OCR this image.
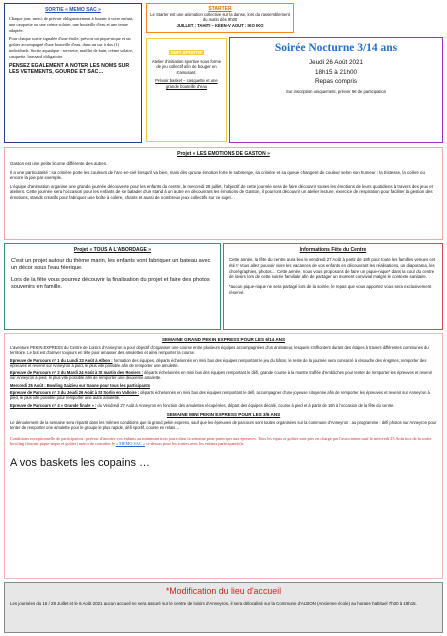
SORTIE « MEMO SAC »

Chaque jour, merci de prévoir obligatoirement à fournir à votre enfant, une casquette ou une crème solaire, une bouteille d'eau et une tenue adaptée.

Pour chaque sortie signalée d'une étoile, prévoir un pique-nique et un goûter accompagné d'une bouteille d'eau, dans un sac à dos (1) individuels. Sortie aquatique : serviette, maillot de bain, crème solaire, casquette, brassard obligatoire.

PENSEZ EGALEMENT A NOTER LES NOMS SUR LES VETEMENTS, GOURDE ET SAC…

STARTER
Le Starter est une animation collective sur la danse, lors du rassemblement du matin dès 9h00
JUILLET : TAHITI – KEEN-V AOUT : IKO IKO
DEFI SPORTIF
Atelier d'initiation sportive sous forme de jeu collectif afin de bouger en s'amusant.
Prévoir basket – casquette et une grande bouteille d'eau
Soirée Nocturne 3/14 ans
Jeudi 26 Août 2021
18h15 à 21h00
Repas compris
Sur inscription uniquement, prévoir 5€ de participation
Projet « LES EMOTIONS DE GASTON »

Gaston est une petite licorne différente des autres.

Il a une particularité : sa crinière porte les couleurs de l'arc-en-ciel lorsqu'il va bien, mais dès qu'une émotion forte le submerge, sa crinière et sa queue changent de couleur selon son humeur : la tristesse, la colère ou encore la joie par exemple.

L'équipe d'animation organise une grande journée découverte pour les enfants du centre, le mercredi 28 juillet, l'objectif de cette journée sera de faire découvrir toutes les émotions de leurs quotidiens à travers des jeux et ateliers. Cette journée sera l'occasion pour les enfants de se balader d'un stand à un autre en découvrant les émotions de Gaston, il pourront découvrir un atelier lecture, exercice de respiration pour faciliter la gestion des émotions, stands créatifs pour fabriquer une boîte à colère, chants et aussi de nombreux jeux collectifs sur ce sujet…

Projet « TOUS A L'ABORDAGE »

C'est un projet autour du thème marin, les enfants vont fabriquer un bateau avec un décor sous l'eau féerique.

Lors de la fête vous pourrez découvrir la finalisation du projet et faire des photos souvenirs en famille.

Informations Fête du Centre

Cette année, la fête du centre aura lieu le vendredi 27 Août à partir de 18h pour toute les familles venues cet été !! Vous allez pouvoir vivre les vacances de vos enfants en découvrant les réalisations, un diaporama, les chorégraphies, photos… Cette année, nous vous proposons de faire un pique-nique* dans la cour du centre de loisirs lors de cette soirée familiale afin de partager un moment convivial malgré le contexte sanitaire.

*aucun pique-nique ne sera partagé lors de la soirée, le repas que vous apportez vous sera exclusivement réservé.

SEMAINE GRAND PEKIN EXPRESS POUR LES 6/14 ANS

L'aventure PEKIN EXPRESS du Centre de Loisirs d'Anneyron a pour objectif d'organiser une course entre plusieurs équipes accompagnées d'un animateur, lesquels s'affrontent durant des étapes à travers différentes communes du territoire. Le but est d'arriver toujours en tête pour amasser des amulettes et ainsi remporter la course.

Epreuve de Parcours n° 1 du Lundi 23 Août à Albon : formation des équipes, départs échelonnés en mini bus des équipes remportant le jeu du bâton, le reste de la journée sera consacré à résoudre des énigmes, remporter des épreuves et revenir sur Anneyron à pied, le plus vite possible afin de remporter une amulette.

Epreuve de Parcours n° 2 du Mardi 24 Août à St martin des Rosiers : départs échelonnés en mini bus des équipes remportant le défi, grande course à la montre truffée d'embûches pour tenter de remporter les épreuves et revenir sur Anneyron à pied, le plus vite possible afin de remporter une deuxième amulette.

Mercredi 25 Août : Bowling Saizieu sur Saone pour tous les participants

Epreuve de Parcours n° 3 du Jeudi 26 Août à St Sorlin en Valloire : départs échelonnés en mini bus des équipes remportant le défi, accompagner d'une joyeuse citoyenne afin de remporter les épreuves et revenir sur Anneyron à pied, le plus vite possible pour remporter une autre amulette.

Epreuve de Parcours n° 4 « Grande finale » : du Vendredi 27 Août à Anneyron en fonction des amulettes récupérées, départ des équipes décalé, course à pied et à partir de 16h à l'occasion de la fête du centre.

SEMAINE MINI PEKIN EXPRESS POUR LES 3/6 ANS

Le déroulement de la semaine sera répartit dans les mêmes conditions que la grand pekin express, sauf que les épreuves de parcours sont toutes organisées sur la commune d'Anneyron : au programme : défi photos sur Anneyron pour tenter de remporter une amulette pour le groupe le plus rapide, défi sportif, course en relais…

Conditions exceptionnelle de participation : prévoir d'inscrire vos enfants au minimum trois jours dans la semaine pour participer aux épreuves. Tous les repas et goûter sont pris en charge par l'association sauf le mercredi 25 Août lors de la sortie bowling (fournir pique-nique et goûter) merci de consulter le « MEMO SAC » ci-dessus pour les sorties avec les enfants participant(e)s.

A vos baskets les copains …
*Modification du lieu d'accueil

Les journées du 16 / 28 Juillet et le 6 Août 2021 aucun accueil ne sera assuré sur le centre de loisirs d'Anneyron, il sera délocalisé sur la Commune d'ALBON (Ancienne école) au horaire habituel 7h30 à 18h15.
